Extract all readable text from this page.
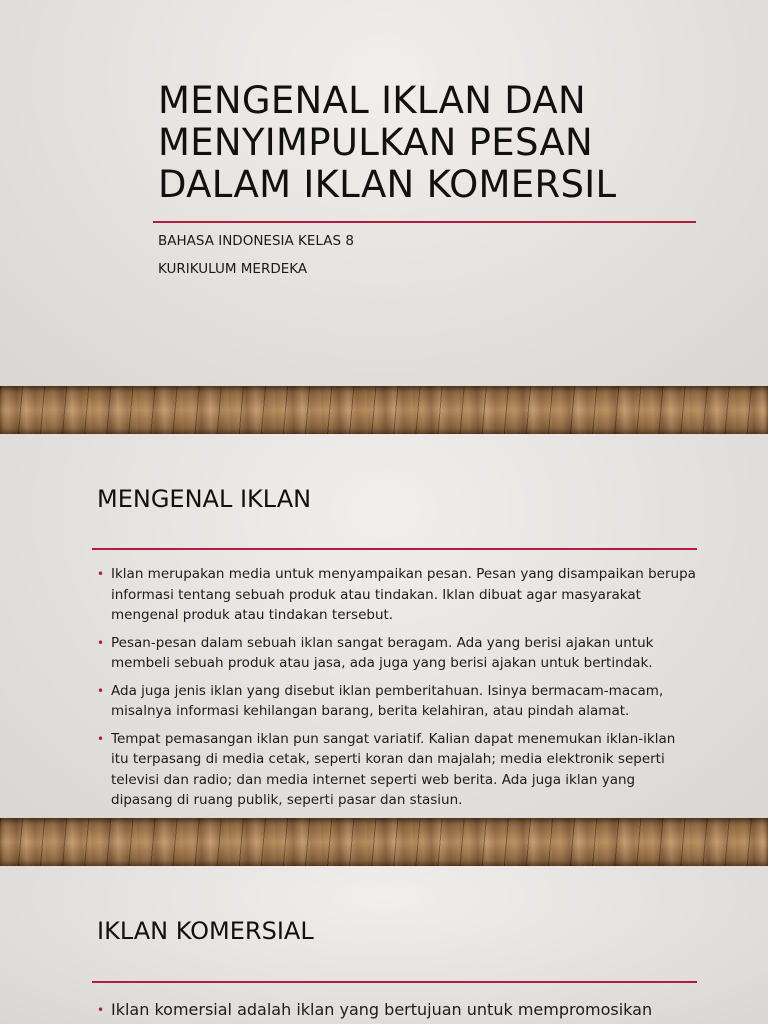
MENGENAL IKLAN DAN MENYIMPULKAN PESAN DALAM IKLAN KOMERSIL

BAHASA INDONESIA KELAS 8

KURIKULUM MERDEKA

MENGENAL IKLAN
• Iklan merupakan media untuk menyampaikan pesan. Pesan yang disampaikan berupa informasi tentang sebuah produk atau tindakan. Iklan dibuat agar masyarakat mengenal produk atau tindakan tersebut.
• Pesan-pesan dalam sebuah iklan sangat beragam. Ada yang berisi ajakan untuk membeli sebuah produk atau jasa, ada juga yang berisi ajakan untuk bertindak.
• Ada juga jenis iklan yang disebut iklan pemberitahuan. Isinya bermacam-macam, misalnya informasi kehilangan barang, berita kelahiran, atau pindah alamat.
• Tempat pemasangan iklan pun sangat variatif. Kalian dapat menemukan iklan-iklan itu terpasang di media cetak, seperti koran dan majalah; media elektronik seperti televisi dan radio; dan media internet seperti web berita. Ada juga iklan yang dipasang di ruang publik, seperti pasar dan stasiun.
IKLAN KOMERSIAL
• Iklan komersial adalah iklan yang bertujuan untuk mempromosikan
